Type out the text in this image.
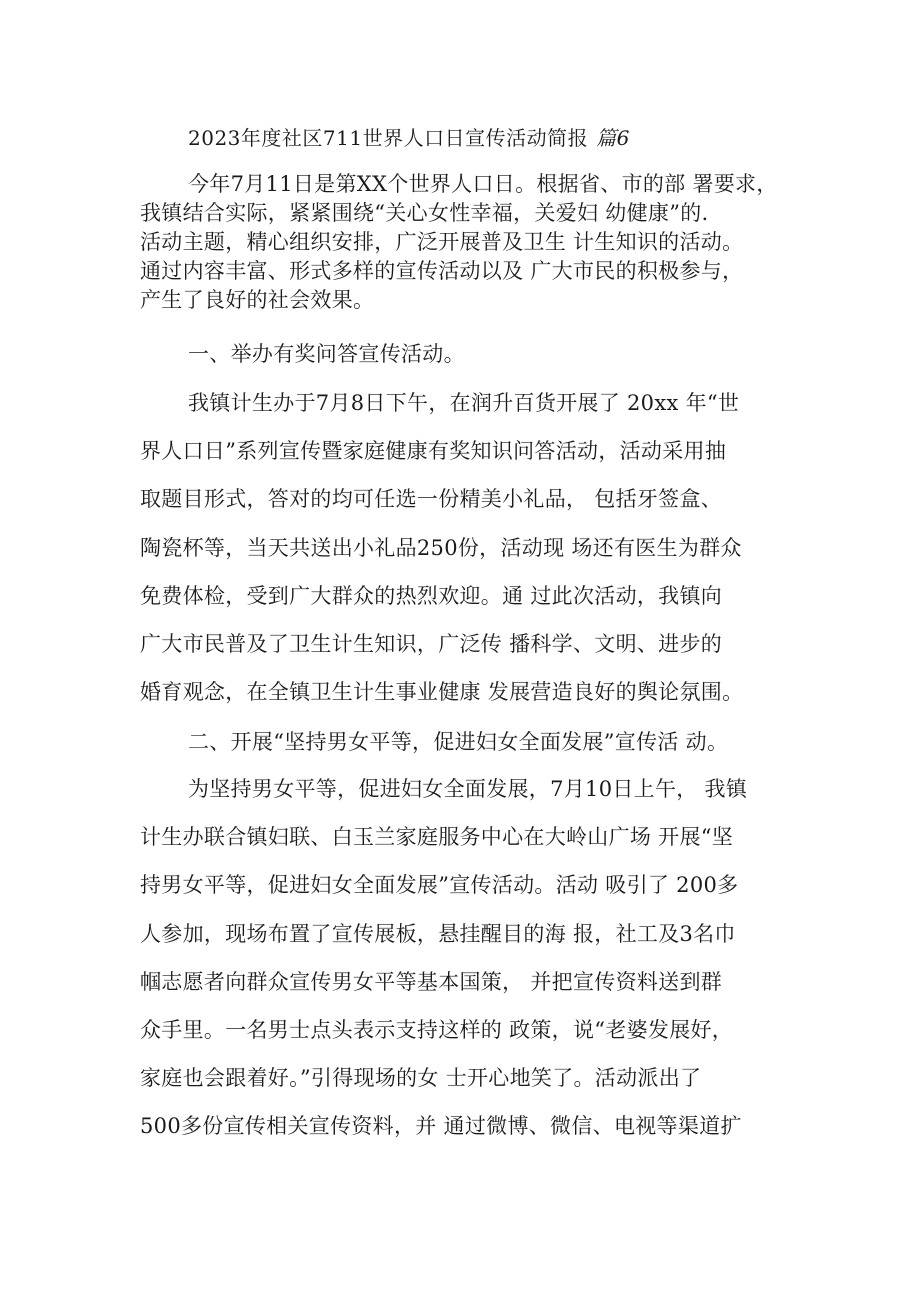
2023年度社区711世界人口日宣传活动简报 篇6
今年7月11日是第XX个世界人口日。根据省、市的部 署要求，
我镇结合实际，紧紧围绕“关心女性幸福，关爱妇 幼健康”的.
活动主题，精心组织安排，广泛开展普及卫生 计生知识的活动。
通过内容丰富、形式多样的宣传活动以及 广大市民的积极参与，
产生了良好的社会效果。
一、举办有奖问答宣传活动。
我镇计生办于7月8日下午，在润升百货开展了 20xx 年“世
界人口日”系列宣传暨家庭健康有奖知识问答活动，活动采用抽
取题目形式，答对的均可任选一份精美小礼品， 包括牙签盒、
陶瓷杯等，当天共送出小礼品250份，活动现 场还有医生为群众
免费体检，受到广大群众的热烈欢迎。通 过此次活动，我镇向
广大市民普及了卫生计生知识，广泛传 播科学、文明、进步的
婚育观念，在全镇卫生计生事业健康 发展营造良好的舆论氛围。
二、开展“坚持男女平等，促进妇女全面发展”宣传活 动。
为坚持男女平等，促进妇女全面发展，7月10日上午， 我镇
计生办联合镇妇联、白玉兰家庭服务中心在大岭山广场 开展“坚
持男女平等，促进妇女全面发展”宣传活动。活动 吸引了 200多
人参加，现场布置了宣传展板，悬挂醒目的海 报，社工及3名巾
帼志愿者向群众宣传男女平等基本国策， 并把宣传资料送到群
众手里。一名男士点头表示支持这样的 政策，说“老婆发展好，
家庭也会跟着好。”引得现场的女 士开心地笑了。活动派出了
500多份宣传相关宣传资料，并 通过微博、微信、电视等渠道扩
